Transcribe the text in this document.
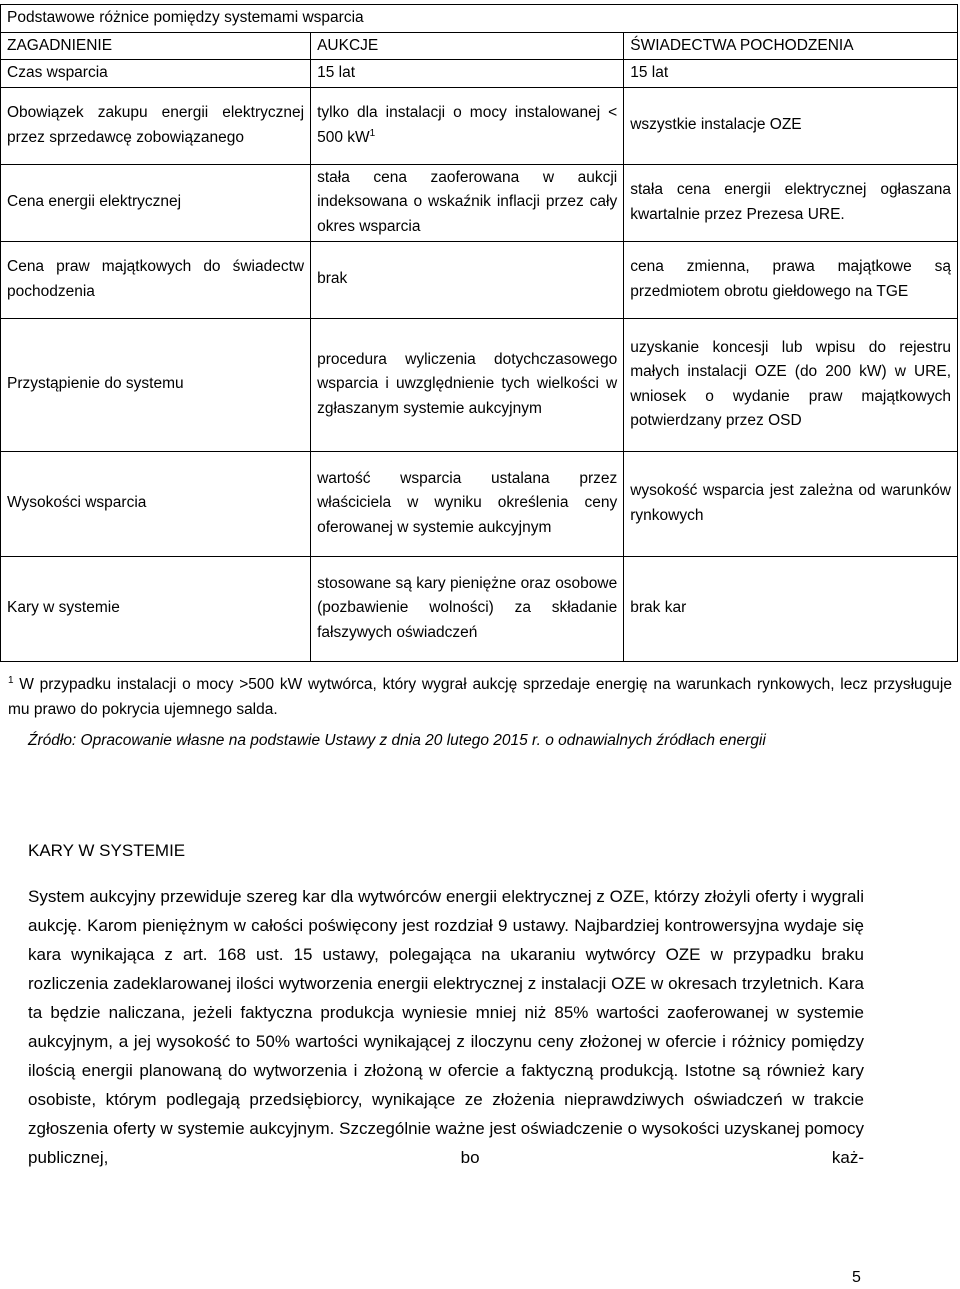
Podstawowe różnice pomiędzy systemami wsparcia		
ZAGADNIENIE	AUKCJE	ŚWIADECTWA POCHODZENIA
Czas wsparcia	15 lat	15 lat
Obowiązek zakupu energii elektrycznej przez sprzedawcę zobowiązanego	tylko dla instalacji o mocy instalowanej < 500 $kW^1$	wszystkie instalacje OZE
Cena energii elektrycznej	stała cena zaoferowana w aukcji indeksowana o wskaźnik inflacji przez cały okres wsparcia	stała cena energii elektrycznej ogłaszana kwartalnie przez Prezesa URE.
Cena praw majątkowych do świadectw pochodzenia	brak	cena zmienna, prawa majątkowe są przedmiotem obrotu giełdowego na TGE
Przystąpienie do systemu	procedura wyliczenia dotychczasowego wsparcia i uwzględnienie tych wielkości w zgłaszanym systemie aukcyjnym	uzyskanie koncesji lub wpisu do rejestru małych instalacji OZE (do 200 kW) w URE, wniosek o wydanie praw majątkowych potwierdzany przez OSD
Wysokości wsparcia	wartość wsparcia ustalana przez właściciela w wyniku określenia ceny oferowanej w systemie aukcyjnym	wysokość wsparcia jest zależna od warunków rynkowych
Kary w systemie	stosowane są kary pieniężne oraz osobowe (pozbawienie wolności) za składanie fałszywych oświadczeń	brak kar
$^1$ W przypadku instalacji o mocy >500 kW wytwórca, który wygrał aukcję sprzedaje energię na warunkach rynkowych, lecz przysługuje mu prawo do pokrycia ujemnego salda.
Źródło: Opracowanie własne na podstawie Ustawy z dnia 20 lutego 2015 r. o odnawialnych źródłach energii
KARY W SYSTEMIE
System aukcyjny przewiduje szereg kar dla wytwórców energii elektrycznej z OZE, którzy złożyli oferty i wygrali aukcję. Karom pieniężnym w całości poświęcony jest rozdział 9 ustawy. Najbardziej kontrowersyjna wydaje się kara wynikająca z art. 168 ust. 15 ustawy, polegająca na ukaraniu wytwórcy OZE w przypadku braku rozliczenia zadeklarowanej ilości wytworzenia energii elektrycznej z instalacji OZE w okresach trzyletnich. Kara ta będzie naliczana, jeżeli faktyczna produkcja wyniesie mniej niż 85% wartości zaoferowanej w systemie aukcyjnym, a jej wysokość to 50% wartości wynikającej z iloczynu ceny złożonej w ofercie i różnicy pomiędzy ilością energii planowaną do wytworzenia i złożoną w ofercie a faktyczną produkcją. Istotne są również kary osobiste, którym podlegają przedsiębiorcy, wynikające ze złożenia nieprawdziwych oświadczeń w trakcie zgłoszenia oferty w systemie aukcyjnym. Szczególnie ważne jest oświadczenie o wysokości uzyskanej pomocy publicznej, bo każ-
5
